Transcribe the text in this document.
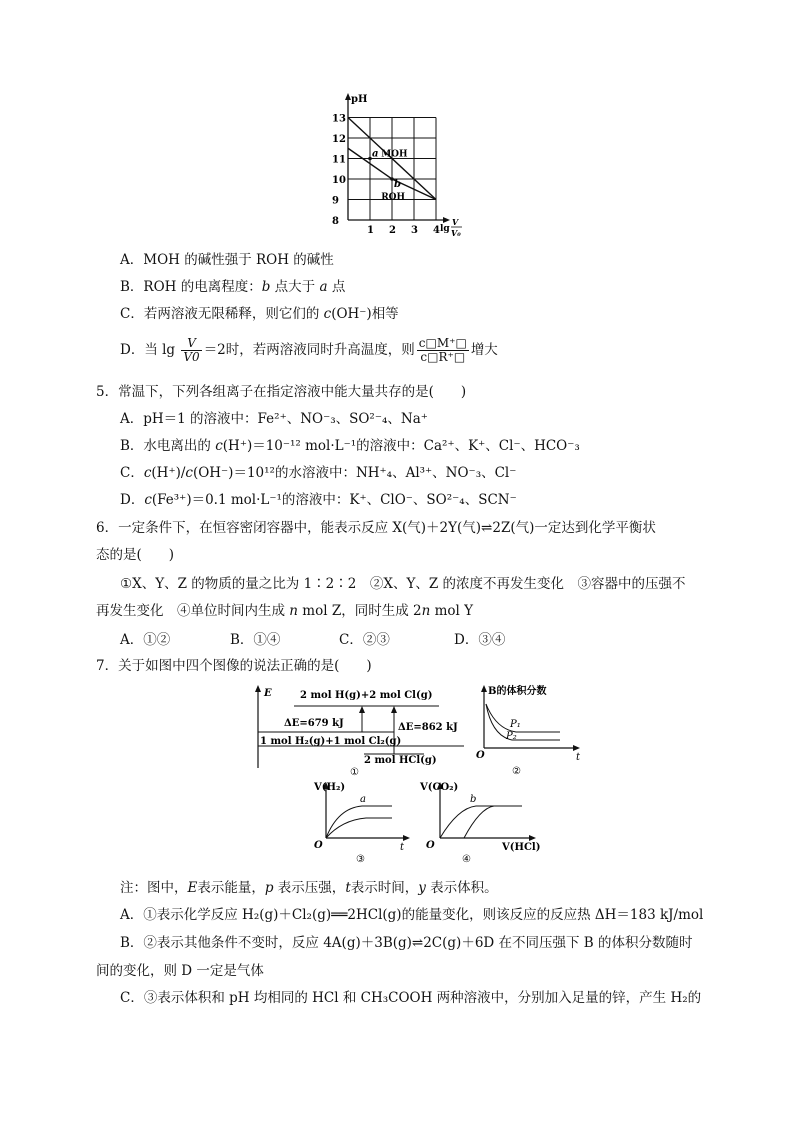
13
12
11
10
9
8
1 2 3 4
pH
lg
V
V₀
MOH
ROH
a
b
A．MOH 的碱性强于 ROH 的碱性
B．ROH 的电离程度：b 点大于 a 点
C．若两溶液无限稀释，则它们的 c(OH⁻)相等
D．当 $\lg \frac{V}{V0} =2$时，若两溶液同时升高温度，则 $\frac{c□M^+□}{c□R^+□}$ 增大
5．常温下，下列各组离子在指定溶液中能大量共存的是(　　)
A．pH＝1 的溶液中：Fe²⁺、NO⁻₃、SO²⁻₄、Na⁺
B．水电离出的 c(H⁺)＝10⁻¹² mol·L⁻¹的溶液中：Ca²⁺、K⁺、Cl⁻、HCO⁻₃
C．c(H⁺)/c(OH⁻)＝10¹²的水溶液中：NH⁺₄、Al³⁺、NO⁻₃、Cl⁻
D．c(Fe³⁺)＝0.1 mol·L⁻¹的溶液中：K⁺、ClO⁻、SO²⁻₄、SCN⁻
6．一定条件下，在恒容密闭容器中，能表示反应 X(气)＋2Y(气)⇌2Z(气)一定达到化学平衡状
态的是(　　)
①X、Y、Z 的物质的量之比为 1∶2∶2　②X、Y、Z 的浓度不再发生变化　③容器中的压强不
再发生变化　④单位时间内生成 n mol Z，同时生成 2n mol Y
A．①②	B．①④	C．②③	D．③④
7．关于如图中四个图像的说法正确的是(　　)
E	2 mol H(g)+2 mol Cl(g)
ΔE=679 kJ	ΔE=862 kJ
1 mol H₂(g)+1 mol Cl₂(g)
2 mol HCl(g)
①
B的体积分数
P₁
P₂
O	t
②
V(H₂)
a
O	t
③
V(CO₂)
b
O	V(HCl)
④
注：图中，E表示能量，p 表示压强，t表示时间，y 表示体积。
A．①表示化学反应 H₂(g)＋Cl₂(g)══2HCl(g)的能量变化，则该反应的反应热 ΔH＝183 kJ/mol
B．②表示其他条件不变时，反应 4A(g)＋3B(g)⇌2C(g)＋6D 在不同压强下 B 的体积分数随时
间的变化，则 D 一定是气体
C．③表示体积和 pH 均相同的 HCl 和 CH₃COOH 两种溶液中，分别加入足量的锌，产生 H₂的
